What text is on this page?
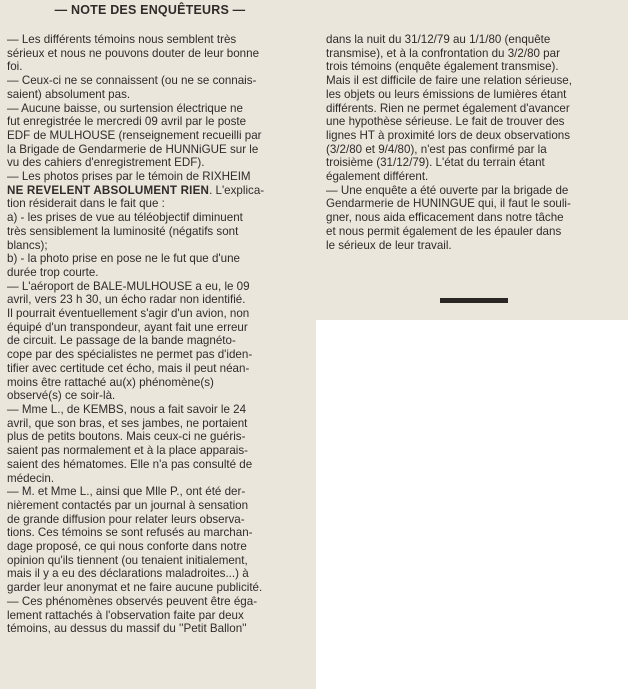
— NOTE DES ENQUÊTEURS —

— Les différents témoins nous semblent très
sérieux et nous ne pouvons douter de leur bonne
foi.

— Ceux-ci ne se connaissent (ou ne se connais-
saient) absolument pas.

— Aucune baisse, ou surtension électrique ne
fut enregistrée le mercredi 09 avril par le poste
EDF de MULHOUSE (renseignement recueilli par
la Brigade de Gendarmerie de HUNNiGUE sur le
vu des cahiers d'enregistrement EDF).

— Les photos prises par le témoin de RIXHEIM
NE REVELENT ABSOLUMENT RIEN. L'explica-
tion résiderait dans le fait que :

a) - les prises de vue au téléobjectif diminuent
très sensiblement la luminosité (négatifs sont
blancs);

b) - la photo prise en pose ne le fut que d'une
durée trop courte.

— L'aéroport de BALE-MULHOUSE a eu, le 09
avril, vers 23 h 30, un écho radar non identifié.
Il pourrait éventuellement s'agir d'un avion, non
équipé d'un transpondeur, ayant fait une erreur
de circuit. Le passage de la bande magnéto-
cope par des spécialistes ne permet pas d'iden-
tifier avec certitude cet écho, mais il peut néan-
moins être rattaché au(x) phénomène(s)
observé(s) ce soir-là.

— Mme L., de KEMBS, nous a fait savoir le 24
avril, que son bras, et ses jambes, ne portaient
plus de petits boutons. Mais ceux-ci ne guéris-
saient pas normalement et à la place apparais-
saient des hématomes. Elle n'a pas consulté de
médecin.

— M. et Mme L., ainsi que Mlle P., ont été der-
nièrement contactés par un journal à sensation
de grande diffusion pour relater leurs observa-
tions. Ces témoins se sont refusés au marchan-
dage proposé, ce qui nous conforte dans notre
opinion qu'ils tiennent (ou tenaient initialement,
mais il y a eu des déclarations maladroites...) à
garder leur anonymat et ne faire aucune publicité.

— Ces phénomènes observés peuvent être éga-
lement rattachés à l'observation faite par deux
témoins, au dessus du massif du ''Petit Ballon''

dans la nuit du 31/12/79 au 1/1/80 (enquête
transmise), et à la confrontation du 3/2/80 par
trois témoins (enquête également transmise).
Mais il est difficile de faire une relation sérieuse,
les objets ou leurs émissions de lumières étant
différents. Rien ne permet également d'avancer
une hypothèse sérieuse. Le fait de trouver des
lignes HT à proximité lors de deux observations
(3/2/80 et 9/4/80), n'est pas confirmé par la
troisième (31/12/79). L'état du terrain étant
également différent.

— Une enquête a été ouverte par la brigade de
Gendarmerie de HUNINGUE qui, il faut le souli-
gner, nous aida efficacement dans notre tâche
et nous permit également de les épauler dans
le sérieux de leur travail.
